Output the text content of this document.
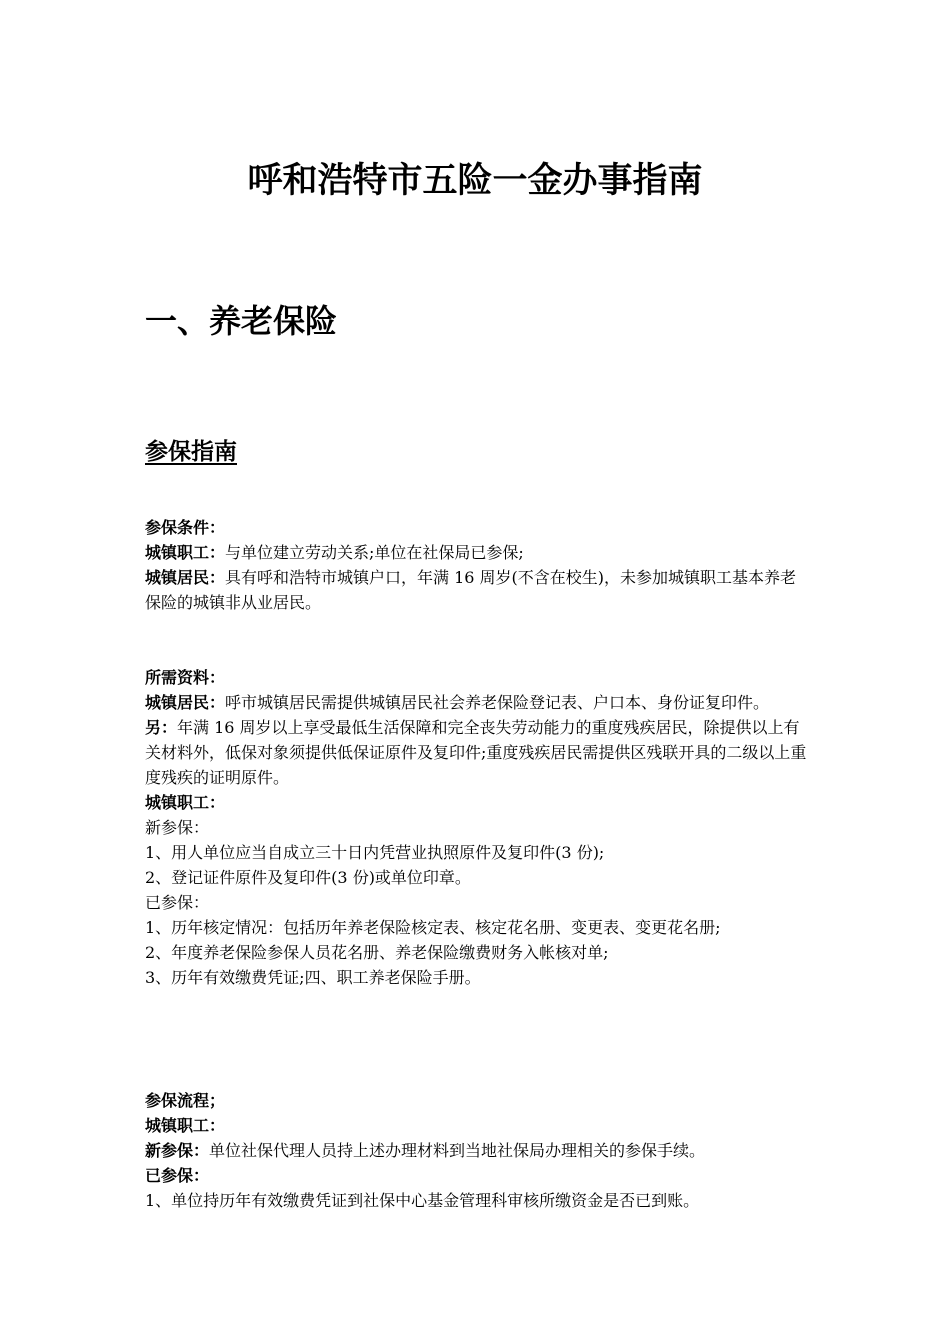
呼和浩特市五险一金办事指南
一、养老保险
参保指南
参保条件：
城镇职工：与单位建立劳动关系;单位在社保局已参保;
城镇居民：具有呼和浩特市城镇户口，年满 16 周岁(不含在校生)，未参加城镇职工基本养老保险的城镇非从业居民。
所需资料：
城镇居民：呼市城镇居民需提供城镇居民社会养老保险登记表、户口本、身份证复印件。
另：年满 16 周岁以上享受最低生活保障和完全丧失劳动能力的重度残疾居民，除提供以上有关材料外，低保对象须提供低保证原件及复印件;重度残疾居民需提供区残联开具的二级以上重度残疾的证明原件。
城镇职工：
新参保：
1、用人单位应当自成立三十日内凭营业执照原件及复印件(3 份);
2、登记证件原件及复印件(3 份)或单位印章。
已参保：
1、历年核定情况：包括历年养老保险核定表、核定花名册、变更表、变更花名册;
2、年度养老保险参保人员花名册、养老保险缴费财务入帐核对单;
3、历年有效缴费凭证;四、职工养老保险手册。
参保流程；
城镇职工：
新参保：单位社保代理人员持上述办理材料到当地社保局办理相关的参保手续。
已参保：
1、单位持历年有效缴费凭证到社保中心基金管理科审核所缴资金是否已到账。
